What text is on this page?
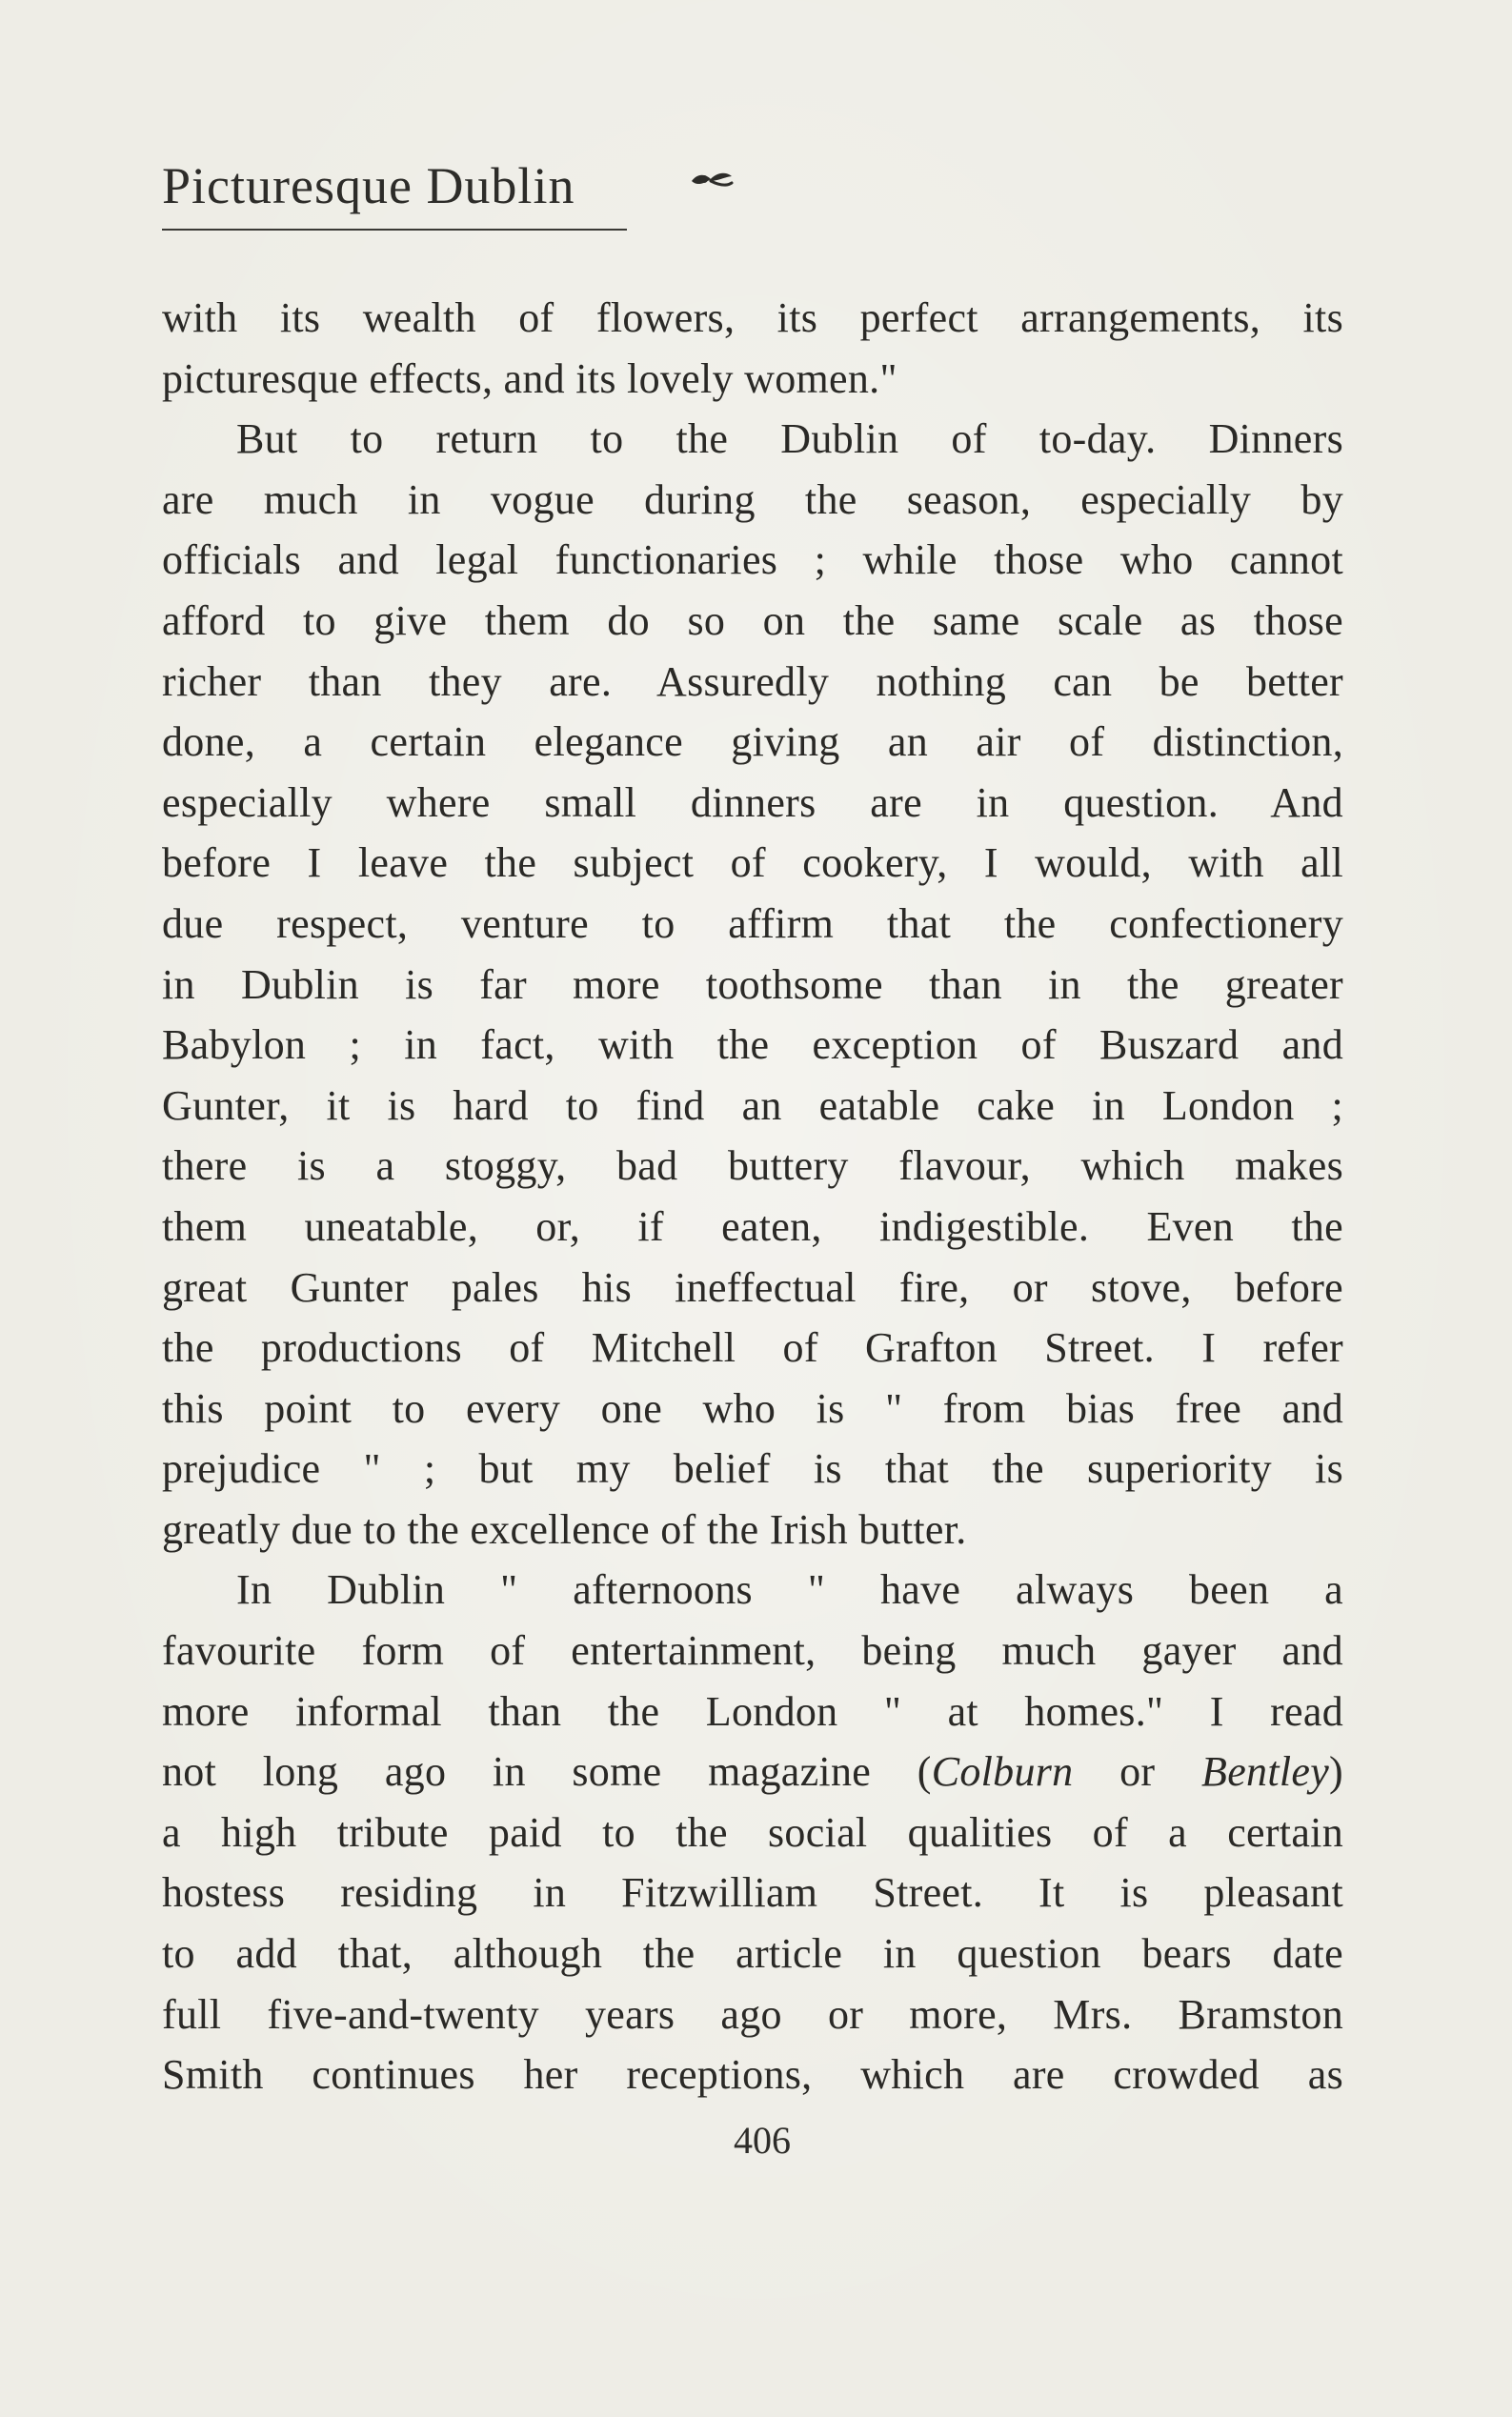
Picturesque Dublin
with its wealth of flowers, its perfect arrangements, its
picturesque effects, and its lovely women."
But to return to the Dublin of to-day. Dinners
are much in vogue during the season, especially by
officials and legal functionaries ; while those who cannot
afford to give them do so on the same scale as those
richer than they are. Assuredly nothing can be better
done, a certain elegance giving an air of distinction,
especially where small dinners are in question. And
before I leave the subject of cookery, I would, with all
due respect, venture to affirm that the confectionery
in Dublin is far more toothsome than in the greater
Babylon ; in fact, with the exception of Buszard and
Gunter, it is hard to find an eatable cake in London ;
there is a stoggy, bad buttery flavour, which makes
them uneatable, or, if eaten, indigestible. Even the
great Gunter pales his ineffectual fire, or stove, before
the productions of Mitchell of Grafton Street. I refer
this point to every one who is " from bias free and
prejudice " ; but my belief is that the superiority is
greatly due to the excellence of the Irish butter.
In Dublin " afternoons " have always been a
favourite form of entertainment, being much gayer and
more informal than the London " at homes." I read
not long ago in some magazine (Colburn or Bentley)
a high tribute paid to the social qualities of a certain
hostess residing in Fitzwilliam Street. It is pleasant
to add that, although the article in question bears date
full five-and-twenty years ago or more, Mrs. Bramston
Smith continues her receptions, which are crowded as
406
